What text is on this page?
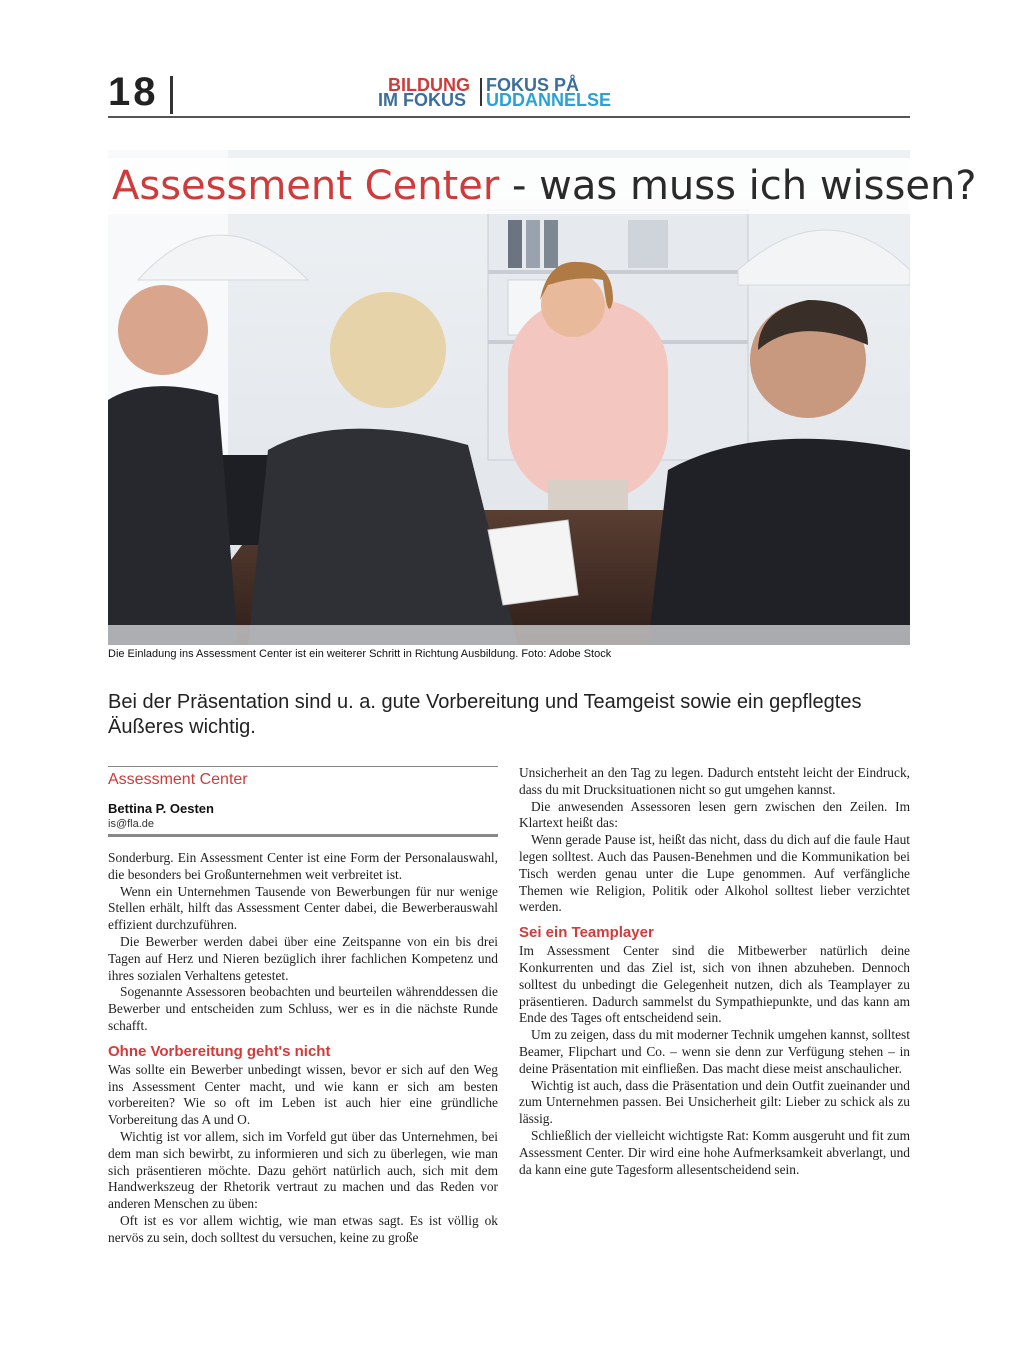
18	BILDUNG FOKUS PÅ
IM FOKUS UDDANNELSE
Assessment Center - was muss ich wissen?
Die Einladung ins Assessment Center ist ein weiterer Schritt in Richtung Ausbildung. Foto: Adobe Stock

Bei der Präsentation sind u. a. gute Vorbereitung und Teamgeist sowie ein gepflegtes Äußeres wichtig.

Assessment Center
Bettina P. Oesten
is@fla.de

Sonderburg. Ein Assessment Center ist eine Form der Personalauswahl, die besonders bei Großunternehmen weit verbreitet ist.

Wenn ein Unternehmen Tausende von Bewerbungen für nur wenige Stellen erhält, hilft das Assessment Center dabei, die Bewerberauswahl effizient durchzuführen.

Die Bewerber werden dabei über eine Zeitspanne von ein bis drei Tagen auf Herz und Nieren bezüglich ihrer fachlichen Kompetenz und ihres sozialen Verhaltens getestet.

Sogenannte Assessoren beobachten und beurteilen währenddessen die Bewerber und entscheiden zum Schluss, wer es in die nächste Runde schafft.

Ohne Vorbereitung geht's nicht

Was sollte ein Bewerber unbedingt wissen, bevor er sich auf den Weg ins Assessment Center macht, und wie kann er sich am besten vorbereiten? Wie so oft im Leben ist auch hier eine gründliche Vorbereitung das A und O.

Wichtig ist vor allem, sich im Vorfeld gut über das Unternehmen, bei dem man sich bewirbt, zu informieren und sich zu überlegen, wie man sich präsentieren möchte. Dazu gehört natürlich auch, sich mit dem Handwerkszeug der Rhetorik vertraut zu machen und das Reden vor anderen Menschen zu üben:

Oft ist es vor allem wichtig, wie man etwas sagt. Es ist völlig ok nervös zu sein, doch solltest du versuchen, keine zu große

Unsicherheit an den Tag zu legen. Dadurch entsteht leicht der Eindruck, dass du mit Drucksituationen nicht so gut umgehen kannst.

Die anwesenden Assessoren lesen gern zwischen den Zeilen. Im Klartext heißt das:

Wenn gerade Pause ist, heißt das nicht, dass du dich auf die faule Haut legen solltest. Auch das Pausen-Benehmen und die Kommunikation bei Tisch werden genau unter die Lupe genommen. Auf verfängliche Themen wie Religion, Politik oder Alkohol solltest lieber verzichtet werden.

Sei ein Teamplayer

Im Assessment Center sind die Mitbewerber natürlich deine Konkurrenten und das Ziel ist, sich von ihnen abzuheben. Dennoch solltest du unbedingt die Gelegenheit nutzen, dich als Teamplayer zu präsentieren. Dadurch sammelst du Sympathiepunkte, und das kann am Ende des Tages oft entscheidend sein.

Um zu zeigen, dass du mit moderner Technik umgehen kannst, solltest Beamer, Flipchart und Co. – wenn sie denn zur Verfügung stehen – in deine Präsentation mit einfließen. Das macht diese meist anschaulicher.

Wichtig ist auch, dass die Präsentation und dein Outfit zueinander und zum Unternehmen passen. Bei Unsicherheit gilt: Lieber zu schick als zu lässig.

Schließlich der vielleicht wichtigste Rat: Komm ausgeruht und fit zum Assessment Center. Dir wird eine hohe Aufmerksamkeit abverlangt, und da kann eine gute Tagesform allesentscheidend sein.
